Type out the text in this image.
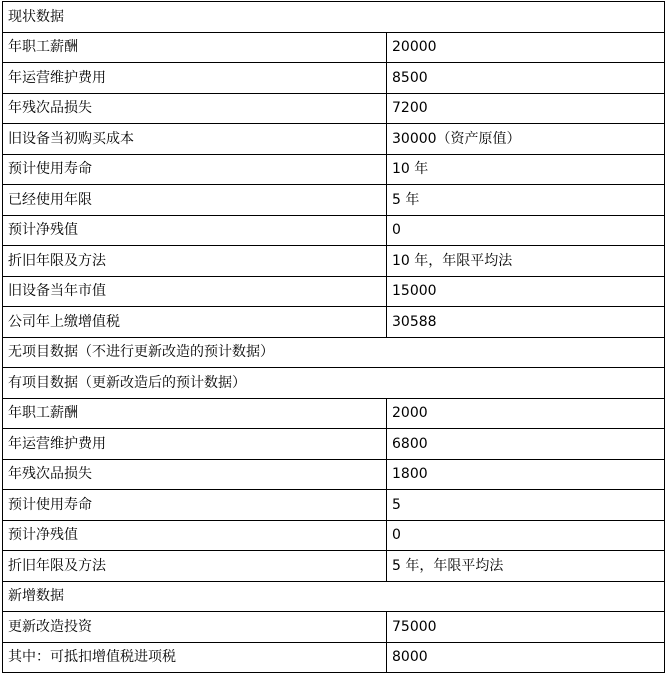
现状数据	
年职工薪酬	20000
年运营维护费用	8500
年残次品损失	7200
旧设备当初购买成本	30000（资产原值）
预计使用寿命	10 年
已经使用年限	5 年
预计净残值	0
折旧年限及方法	10 年，年限平均法
旧设备当年市值	15000
公司年上缴增值税	30588
无项目数据（不进行更新改造的预计数据）	
有项目数据（更新改造后的预计数据）	
年职工薪酬	2000
年运营维护费用	6800
年残次品损失	1800
预计使用寿命	5
预计净残值	0
折旧年限及方法	5 年，年限平均法
新增数据	
更新改造投资	75000
其中：可抵扣增值税进项税	8000
